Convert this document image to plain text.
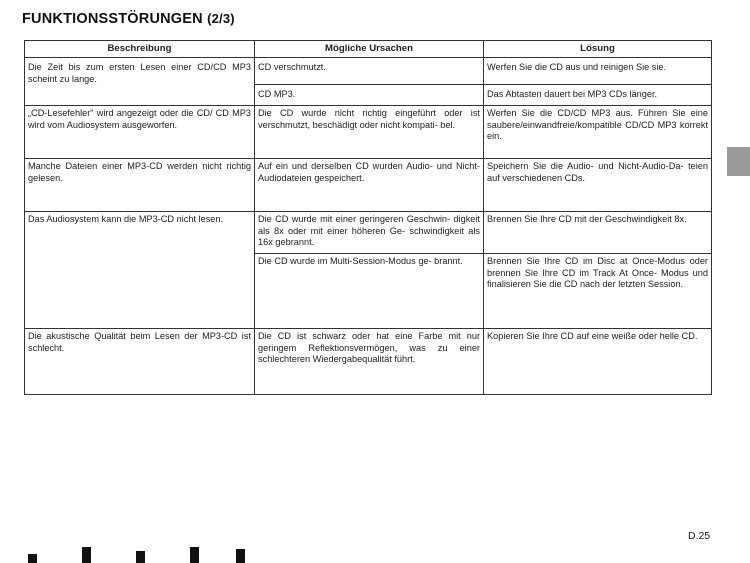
FUNKTIONSSTÖRUNGEN (2/3)
Beschreibung	Mögliche Ursachen	Lösung
Die Zeit bis zum ersten Lesen einer CD/CD MP3 scheint zu lange.	CD verschmutzt.	Werfen Sie die CD aus und reinigen Sie sie.
	CD MP3.	Das Abtasten dauert bei MP3 CDs länger.
„CD-Lesefehler" wird angezeigt oder die CD/ CD MP3 wird vom Audiosystem ausgeworfen.	Die CD wurde nicht richtig eingeführt oder ist verschmutzt, beschädigt oder nicht kompati- bel.	Werfen Sie die CD/CD MP3 aus. Führen Sie eine saubere/einwandfreie/kompatible CD/CD MP3 korrekt ein.
Manche Dateien einer MP3-CD werden nicht richtig gelesen.	Auf ein und derselben CD wurden Audio- und Nicht-Audiodateien gespeichert.	Speichern Sie die Audio- und Nicht-Audio-Da- teien auf verschiedenen CDs.
Das Audiosystem kann die MP3-CD nicht lesen.	Die CD wurde mit einer geringeren Geschwin- digkeit als 8x oder mit einer höheren Ge- schwindigkeit als 16x gebrannt.	Brennen Sie Ihre CD mit der Geschwindigkeit 8x.
	Die CD wurde im Multi-Session-Modus ge- brannt.	Brennen Sie Ihre CD im Disc at Once-Modus oder brennen Sie Ihre CD im Track At Once- Modus und finalisieren Sie die CD nach der letzten Session.
Die akustische Qualität beim Lesen der MP3-CD ist schlecht.	Die CD ist schwarz oder hat eine Farbe mit nur geringem Reflektionsvermögen, was zu einer schlechteren Wiedergabequalität führt.	Kopieren Sie Ihre CD auf eine weiße oder helle CD.
D.25
